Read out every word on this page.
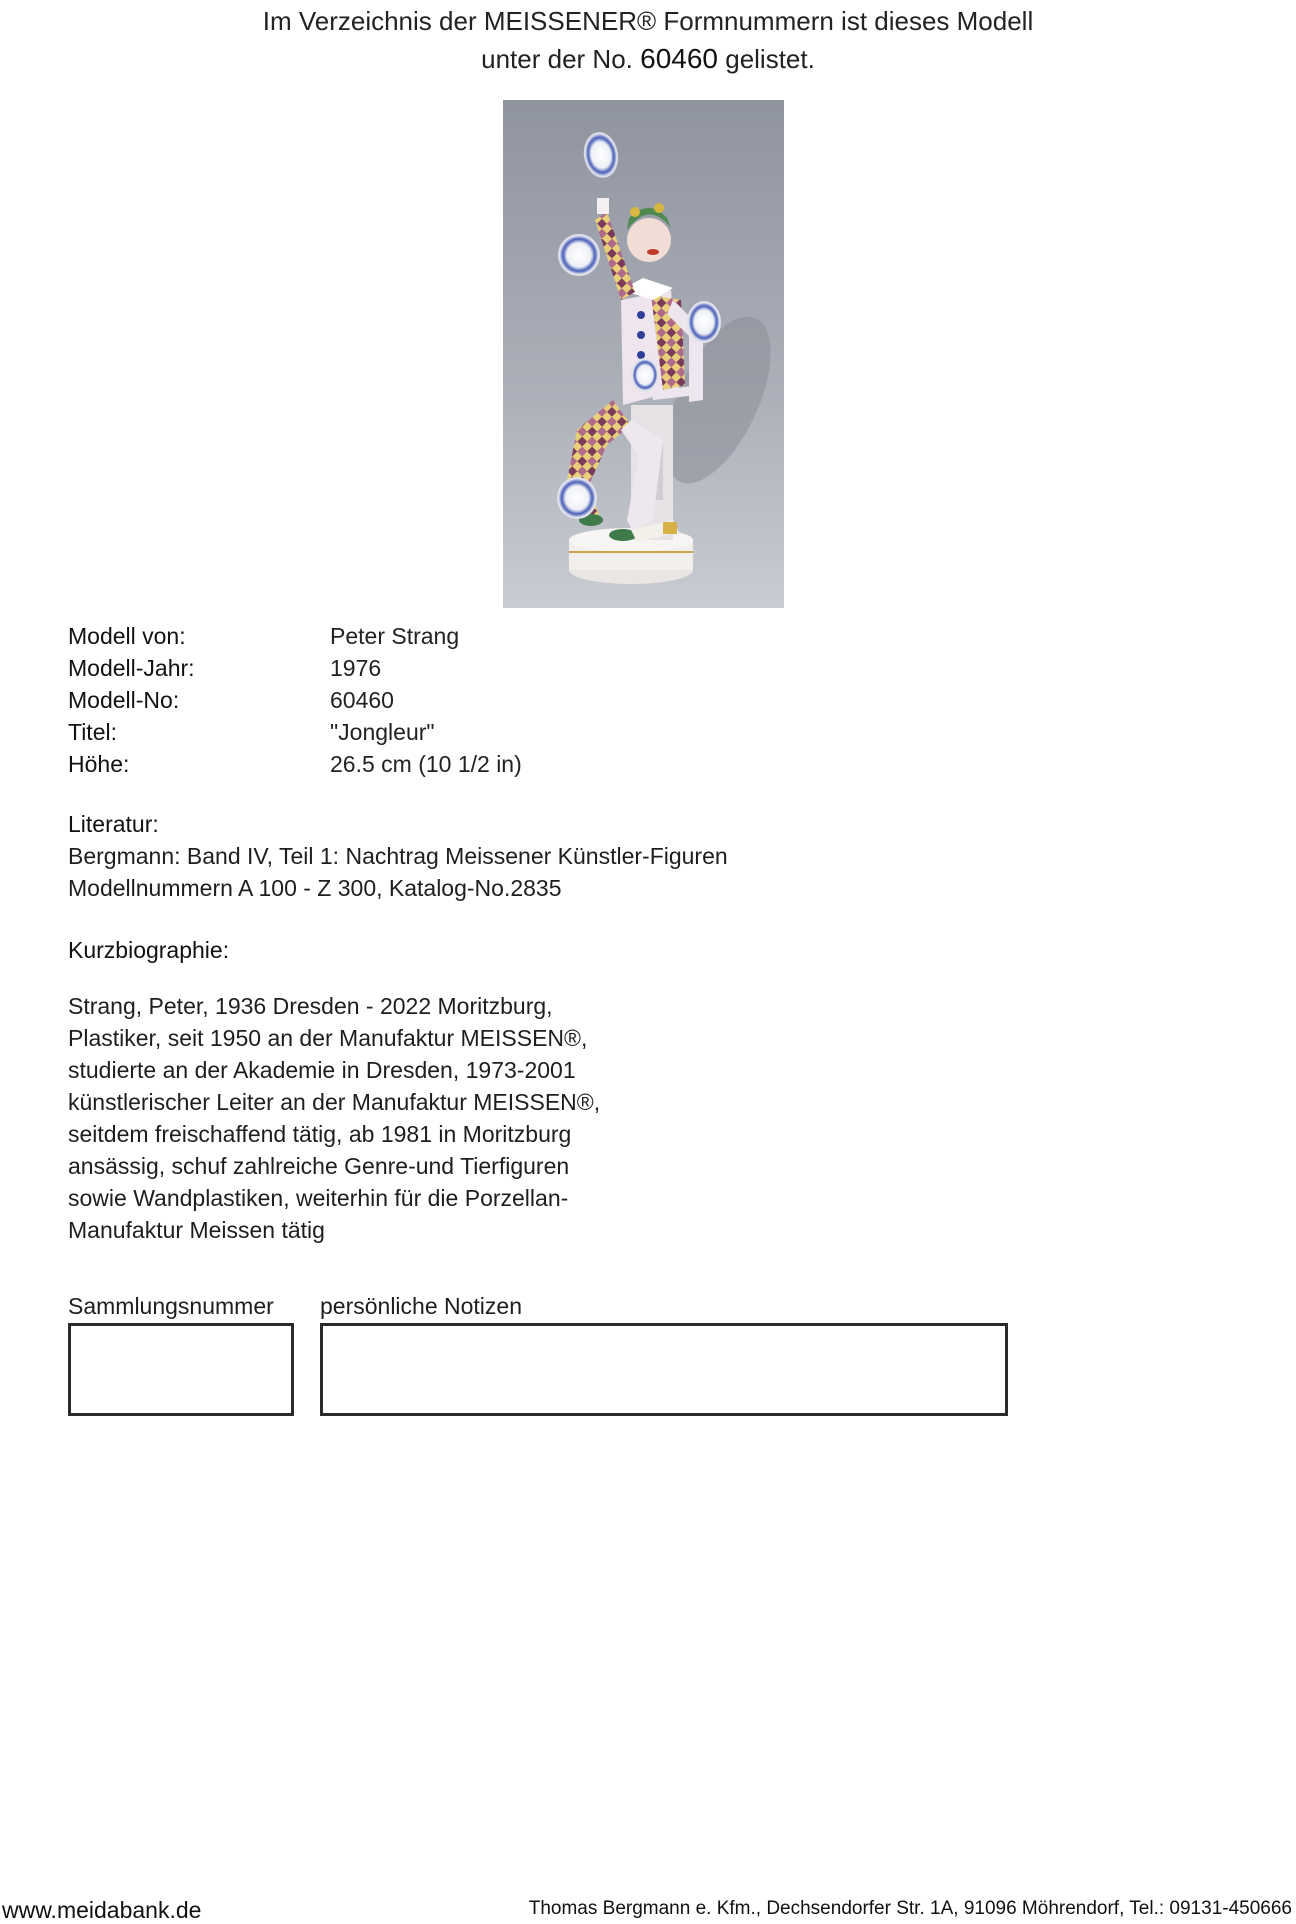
Im Verzeichnis der MEISSENER® Formnummern ist dieses Modell
unter der No. 60460 gelistet.
Modell von:	Peter Strang
Modell-Jahr:	1976
Modell-No:	60460
Titel:	"Jongleur"
Höhe:	26.5 cm (10 1/2 in)
Literatur:
Bergmann: Band IV, Teil 1: Nachtrag Meissener Künstler-Figuren
Modellnummern A 100 - Z 300, Katalog-No.2835
Kurzbiographie:
Strang, Peter, 1936 Dresden - 2022 Moritzburg,
Plastiker, seit 1950 an der Manufaktur MEISSEN®,
studierte an der Akademie in Dresden, 1973-2001
künstlerischer Leiter an der Manufaktur MEISSEN®,
seitdem freischaffend tätig, ab 1981 in Moritzburg
ansässig, schuf zahlreiche Genre-und Tierfiguren
sowie Wandplastiken, weiterhin für die Porzellan-
Manufaktur Meissen tätig
Sammlungsnummer persönliche Notizen
www.meidabank.de	Thomas Bergmann e. Kfm., Dechsendorfer Str. 1A, 91096 Möhrendorf, Tel.: 09131-450666
